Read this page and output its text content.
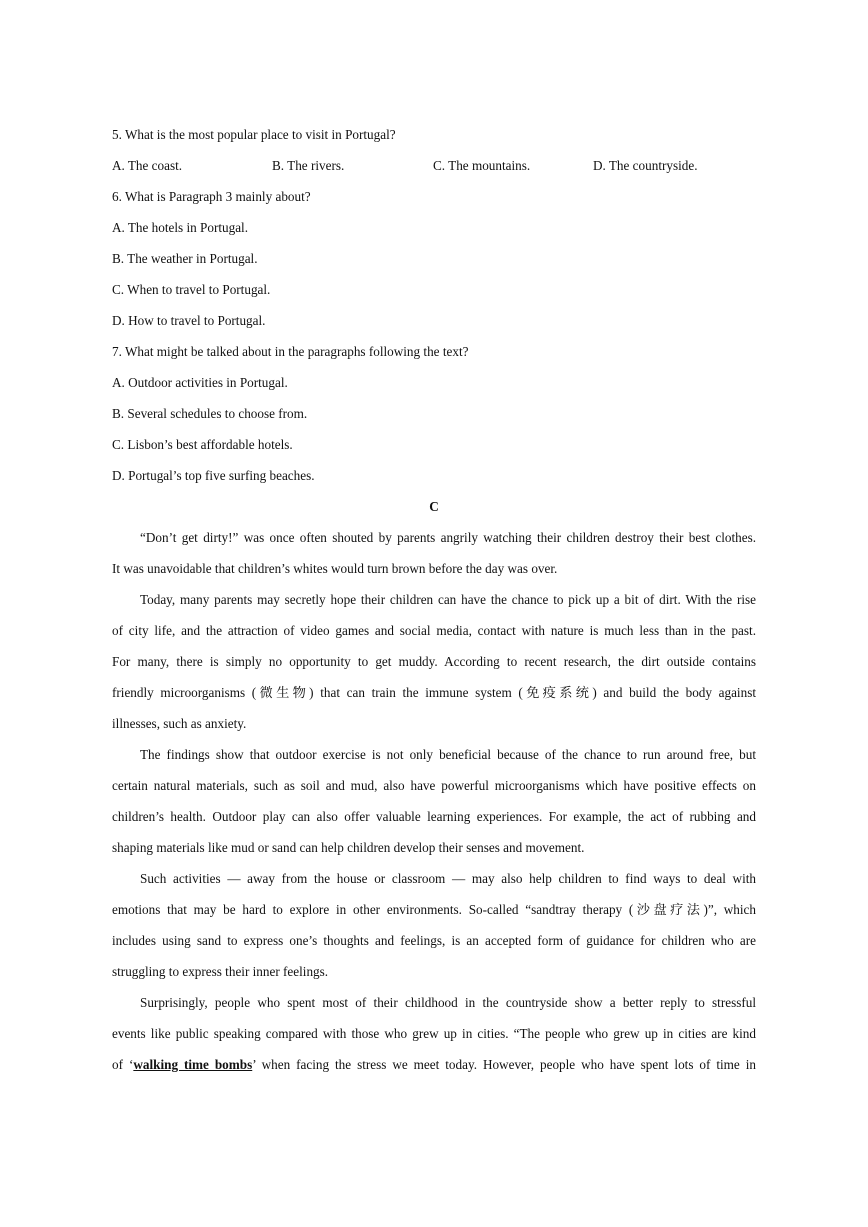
5. What is the most popular place to visit in Portugal?
A. The coast.	B. The rivers.	C. The mountains.	D. The countryside.
6. What is Paragraph 3 mainly about?
A. The hotels in Portugal.
B. The weather in Portugal.
C. When to travel to Portugal.
D. How to travel to Portugal.
7. What might be talked about in the paragraphs following the text?
A. Outdoor activities in Portugal.
B. Several schedules to choose from.
C. Lisbon’s best affordable hotels.
D. Portugal’s top five surfing beaches.
C
“Don’t get dirty!” was once often shouted by parents angrily watching their children destroy their best clothes.
It was unavoidable that children’s whites would turn brown before the day was over.
Today, many parents may secretly hope their children can have the chance to pick up a bit of dirt. With the rise
of city life, and the attraction of video games and social media, contact with nature is much less than in the past.
For many, there is simply no opportunity to get muddy. According to recent research, the dirt outside contains
friendly microorganisms (微生物) that can train the immune system (免疫系统) and build the body against
illnesses, such as anxiety.
The findings show that outdoor exercise is not only beneficial because of the chance to run around free, but
certain natural materials, such as soil and mud, also have powerful microorganisms which have positive effects on
children’s health. Outdoor play can also offer valuable learning experiences. For example, the act of rubbing and
shaping materials like mud or sand can help children develop their senses and movement.
Such activities — away from the house or classroom — may also help children to find ways to deal with
emotions that may be hard to explore in other environments. So-called “sandtray therapy (沙盘疗法)”, which
includes using sand to express one’s thoughts and feelings, is an accepted form of guidance for children who are
struggling to express their inner feelings.
Surprisingly, people who spent most of their childhood in the countryside show a better reply to stressful
events like public speaking compared with those who grew up in cities. “The people who grew up in cities are kind
of ‘walking time bombs’ when facing the stress we meet today. However, people who have spent lots of time in
